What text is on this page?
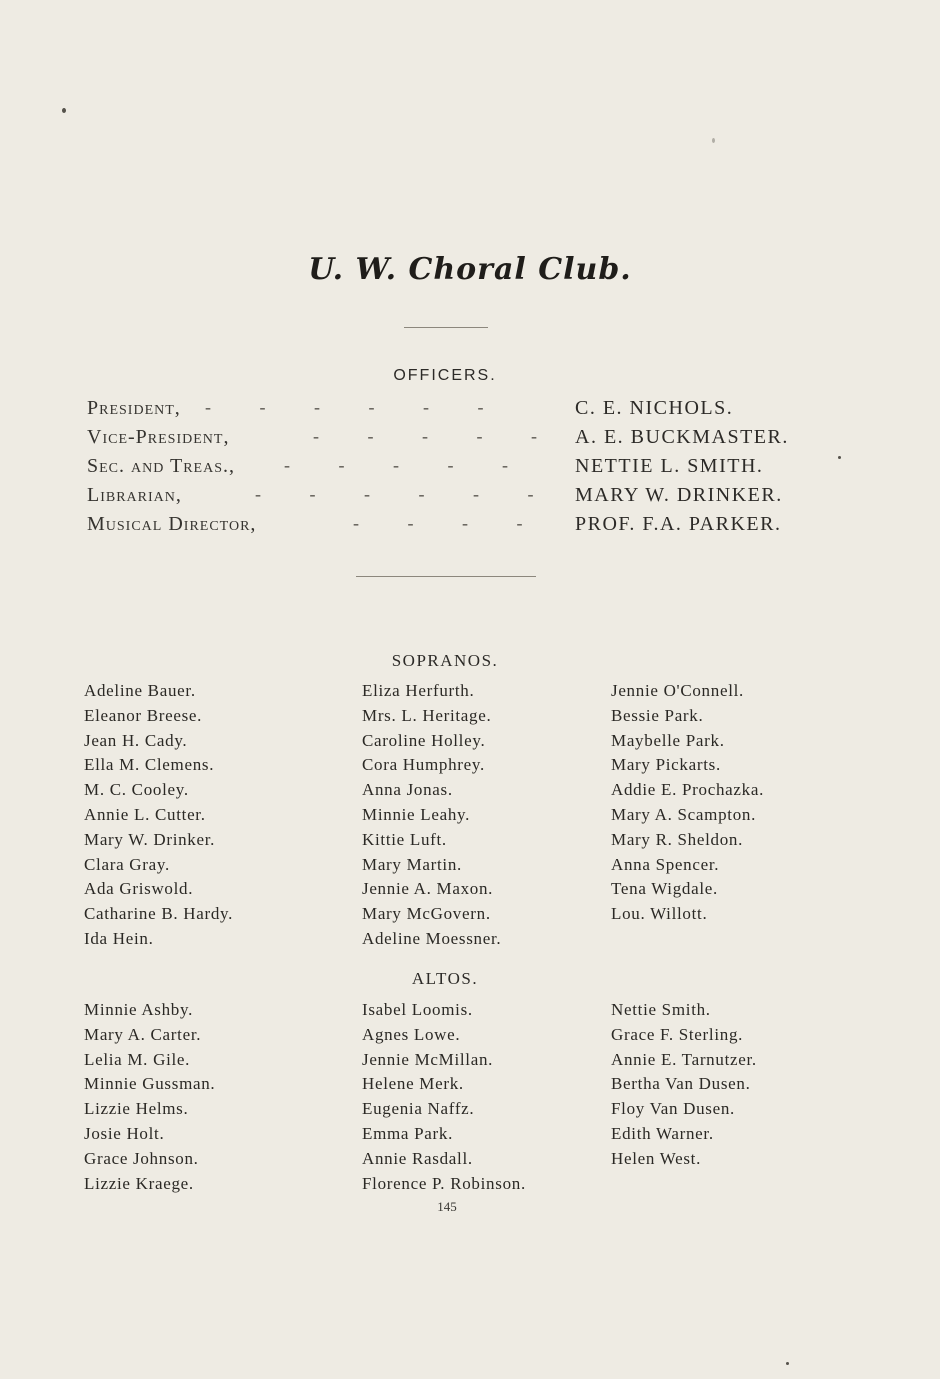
U. W. Choral Club.
OFFICERS.
President, - - - - - -	C. E. NICHOLS.
Vice-President,	- - - - - A. E. BUCKMASTER.
Sec. and Treas.,	- - - - -	NETTIE L. SMITH.
Librarian,	- - - - - - MARY W. DRINKER.
Musical Director,	- - - -	PROF. F.A. PARKER.
SOPRANOS.
Adeline Bauer.
Eleanor Breese.
Jean H. Cady.
Ella M. Clemens.
M. C. Cooley.
Annie L. Cutter.
Mary W. Drinker.
Clara Gray.
Ada Griswold.
Catharine B. Hardy.
Ida Hein.
Eliza Herfurth.
Mrs. L. Heritage.
Caroline Holley.
Cora Humphrey.
Anna Jonas.
Minnie Leahy.
Kittie Luft.
Mary Martin.
Jennie A. Maxon.
Mary McGovern.
Adeline Moessner.
Jennie O'Connell.
Bessie Park.
Maybelle Park.
Mary Pickarts.
Addie E. Prochazka.
Mary A. Scampton.
Mary R. Sheldon.
Anna Spencer.
Tena Wigdale.
Lou. Willott.
ALTOS.
Minnie Ashby.
Mary A. Carter.
Lelia M. Gile.
Minnie Gussman.
Lizzie Helms.
Josie Holt.
Grace Johnson.
Lizzie Kraege.
Isabel Loomis.
Agnes Lowe.
Jennie McMillan.
Helene Merk.
Eugenia Naffz.
Emma Park.
Annie Rasdall.
Florence P. Robinson.
Nettie Smith.
Grace F. Sterling.
Annie E. Tarnutzer.
Bertha Van Dusen.
Floy Van Dusen.
Edith Warner.
Helen West.
145
